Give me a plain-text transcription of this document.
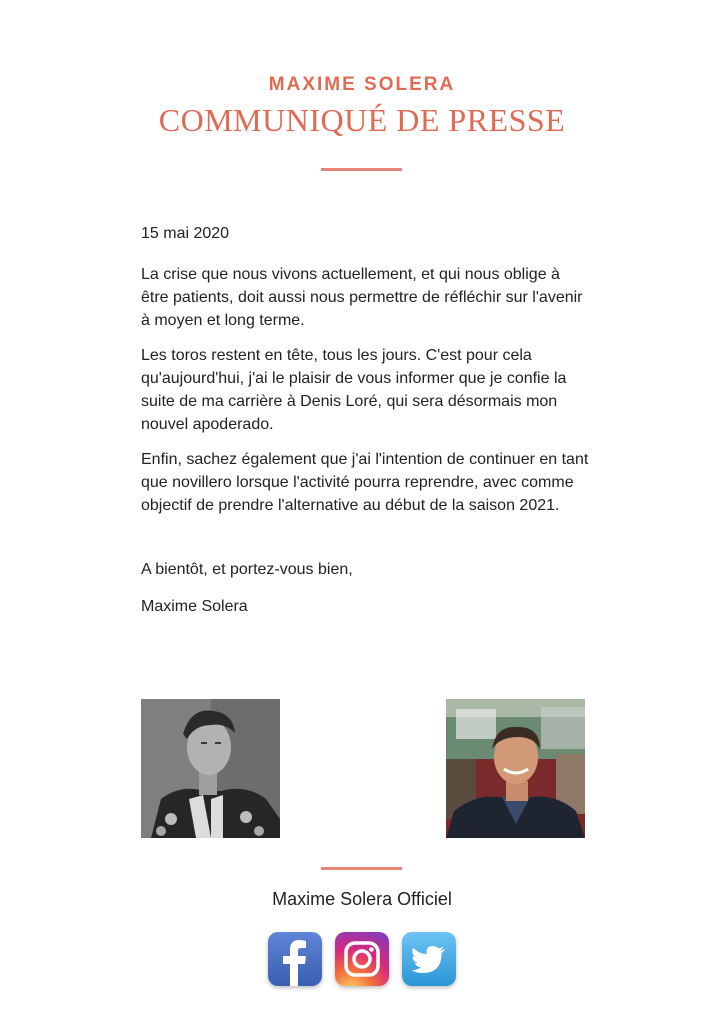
MAXIME SOLERA
COMMUNIQUÉ DE PRESSE

15 mai 2020

La crise que nous vivons actuellement, et qui nous oblige à être patients, doit aussi nous permettre de réfléchir sur l'avenir à moyen et long terme.

Les toros restent en tête, tous les jours. C'est pour cela qu'aujourd'hui, j'ai le plaisir de vous informer que je confie la suite de ma carrière à Denis Loré, qui sera désormais mon nouvel apoderado.

Enfin, sachez également que j'ai l'intention de continuer en tant que novillero lorsque l'activité pourra reprendre, avec comme objectif de prendre l'alternative au début de la saison 2021.

A bientôt, et portez-vous bien,

Maxime Solera

Maxime Solera Officiel
